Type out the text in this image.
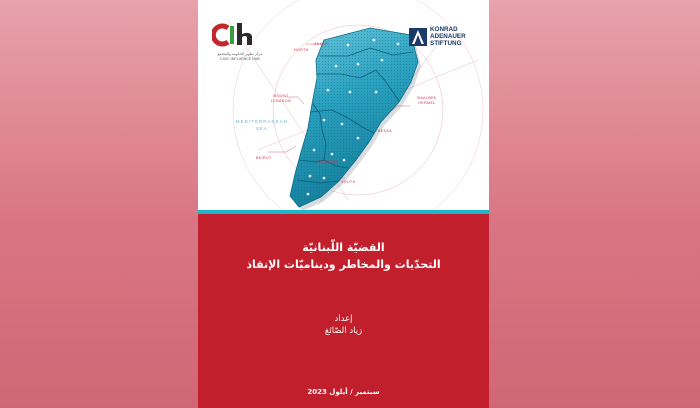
AKKAR
NORTH
BAALBEK HERMEL
MOUNT LEBANON
BEKAA
BEIRUT
NABATIEH
SOUTH
MEDITERRANEAN SEA
مركز تطوير الحكومة والمجتمع
CIVIC INFLUENCE HUB
KONRAD
ADENAUER
STIFTUNG
القضيّة اللّبنانيّة
التحدّيات والمخاطر وديناميّات الإنقاذ
إعداد
زياد الصّائغ
سبتمبر / أيلول 2023
